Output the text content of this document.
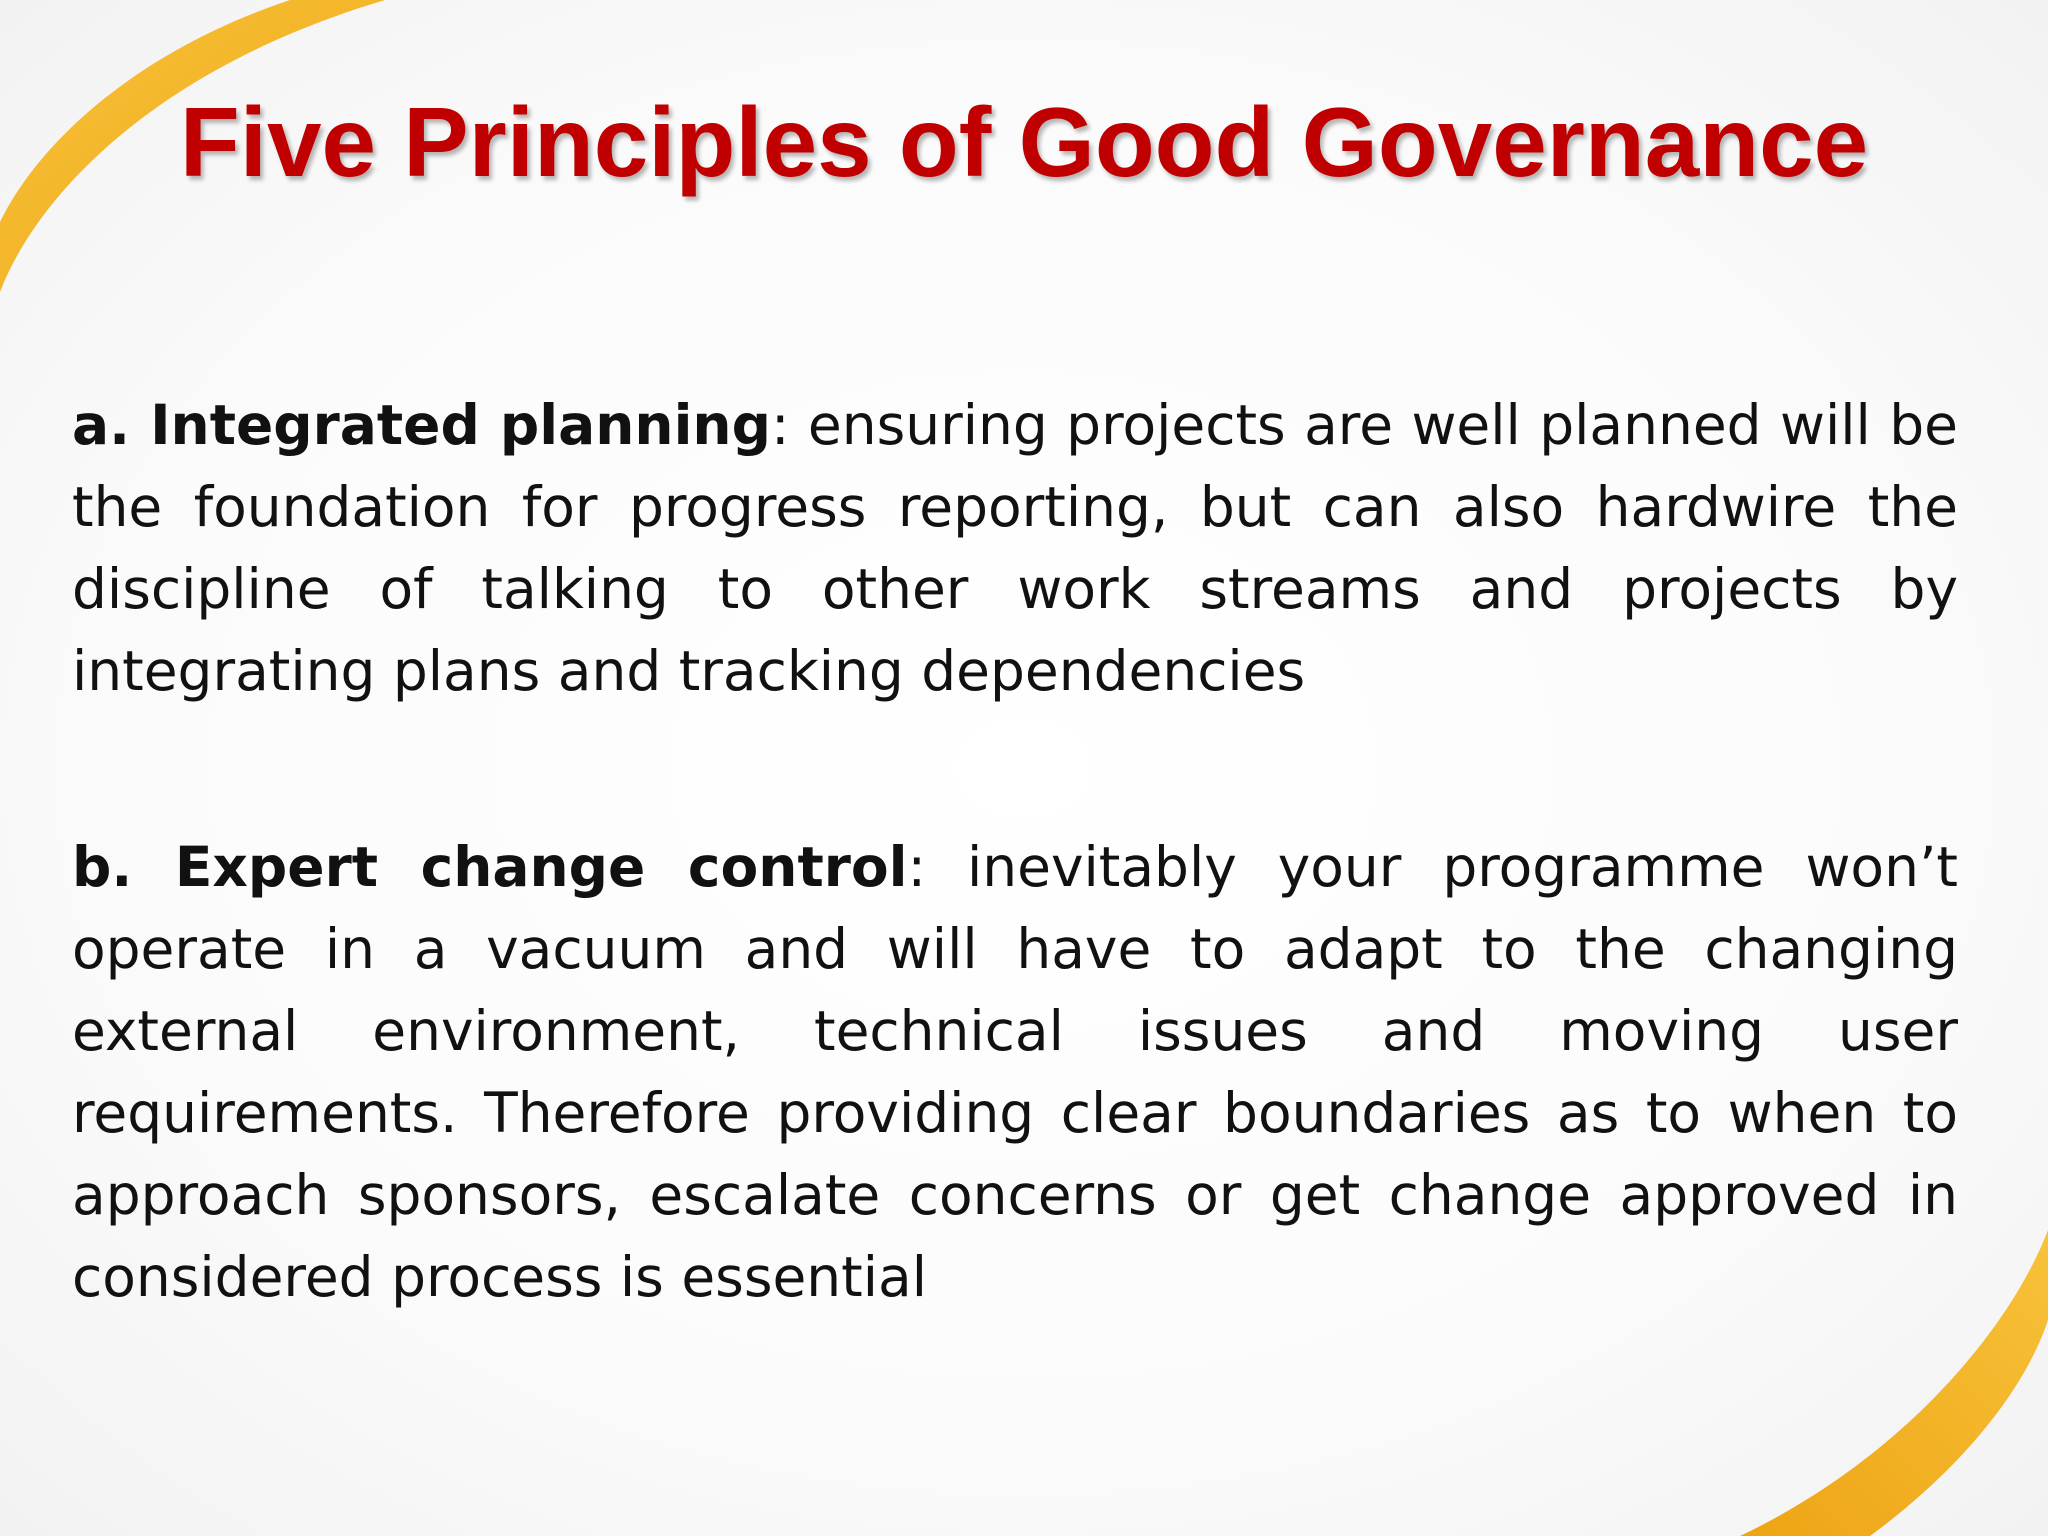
Five Principles of Good Governance

a. Integrated planning: ensuring projects are well planned will be the foundation for progress reporting, but can also hardwire the discipline of talking to other work streams and projects by integrating plans and tracking dependencies

b. Expert change control: inevitably your programme won’t operate in a vacuum and will have to adapt to the changing external environment, technical issues and moving user requirements. Therefore providing clear boundaries as to when to approach sponsors, escalate concerns or get change approved in considered process is essential
